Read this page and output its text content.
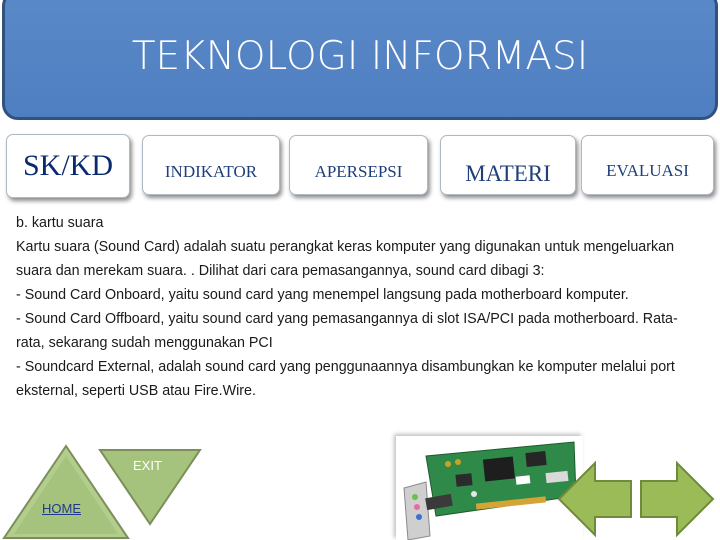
TEKNOLOGI INFORMASI
SK/KD	INDIKATOR	APERSEPSI	MATERI	EVALUASI

b. kartu suara

Kartu suara (Sound Card) adalah suatu perangkat keras komputer yang digunakan untuk mengeluarkan suara dan merekam suara. . Dilihat dari cara pemasangannya, sound card dibagi 3:

- Sound Card Onboard, yaitu sound card yang menempel langsung pada motherboard komputer.

- Sound Card Offboard, yaitu sound card yang pemasangannya di slot ISA/PCI pada motherboard. Rata-rata, sekarang sudah menggunakan PCI

- Soundcard External, adalah sound card yang penggunaannya disambungkan ke komputer melalui port eksternal, seperti USB atau Fire.Wire.

HOME
EXIT
